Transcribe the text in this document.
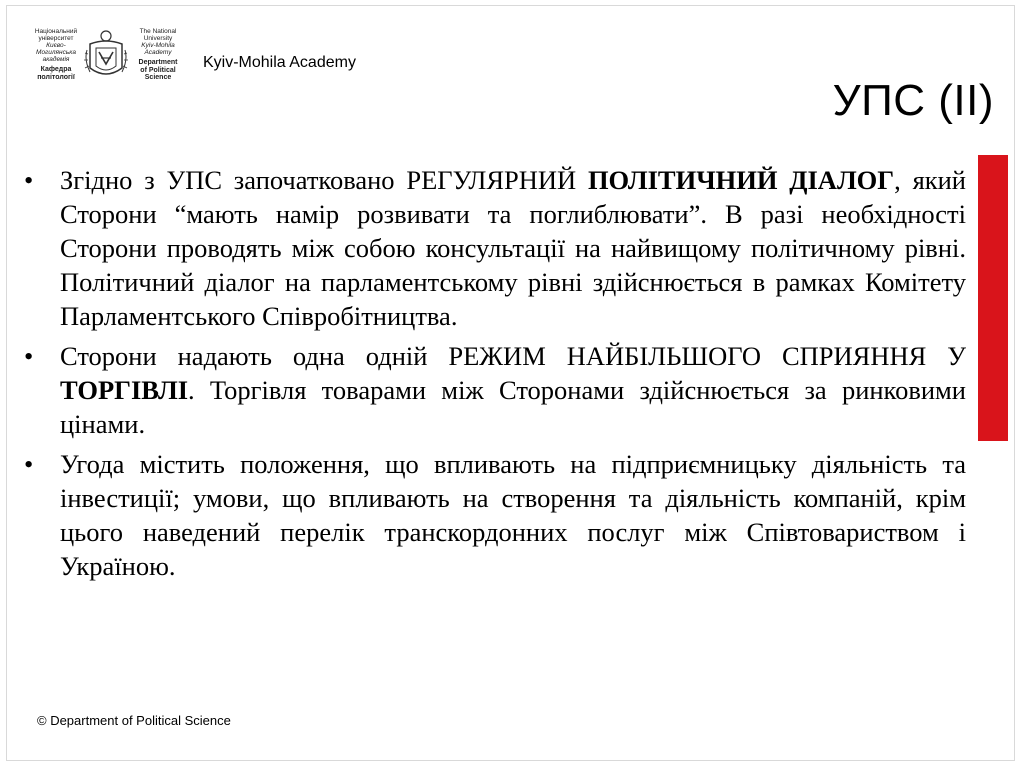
Національний
університет
Києво-
Могилянська
академія
Кафедра
політології
The National
University
Kyiv-Mohila
Academy
Department
of Political
Science
Kyiv-Mohila Academy
УПС (ІІ)
• Згідно з УПС започатковано РЕГУЛЯРНИЙ ПОЛІТИЧНИЙ ДІАЛОГ, який Сторони “мають намір розвивати та поглиблювати”. В разі необхідності Сторони проводять між собою консультації на найвищому політичному рівні. Політичний діалог на парламентському рівні здійснюється в рамках Комітету Парламентського Співробітництва.
• Сторони надають одна одній РЕЖИМ НАЙБІЛЬШОГО СПРИЯННЯ У ТОРГІВЛІ. Торгівля товарами між Сторонами здійснюється за ринковими цінами.
• Угода містить положення, що впливають на підприємницьку діяльність та інвестиції; умови, що впливають на створення та діяльність компаній, крім цього наведений перелік транскордонних послуг між Співтовариством і Україною.
© Department of Political Science
